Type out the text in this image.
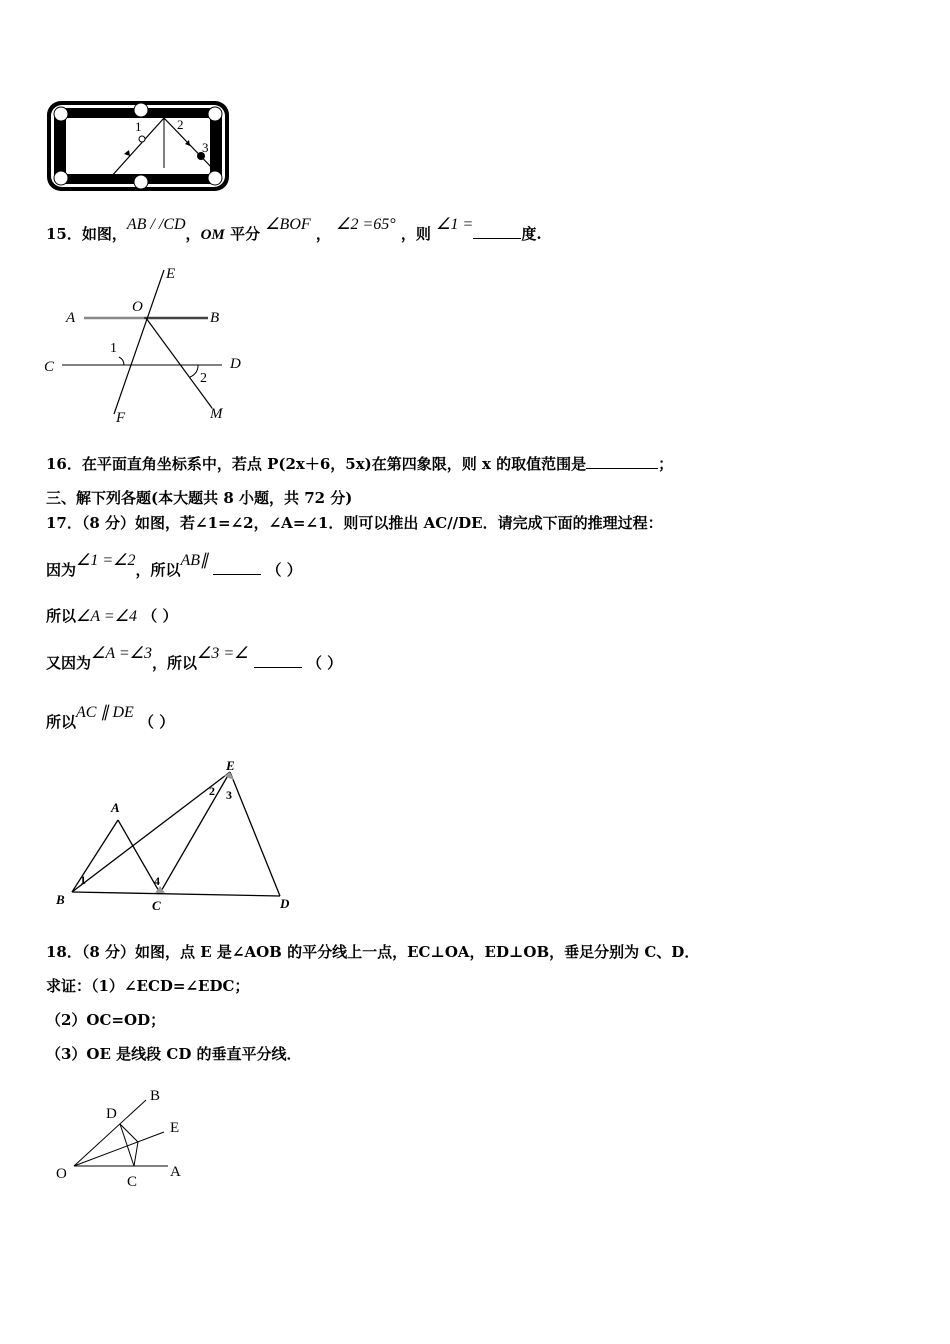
1	2
3
15．如图，AB / /CD，OM 平分 ∠BOF ， ∠2 =65° ，则 ∠1 =度.
E
O
A	B
C	D
F	M
1
2
16．在平面直角坐标系中，若点 P(2x＋6，5x)在第四象限，则 x 的取值范围是	；
三、解下列各题(本大题共 8 小题，共 72 分)
17．（8 分）如图，若∠1=∠2，∠A=∠1．则可以推出 AC//DE．请完成下面的推理过程：
因为∠1 =∠2，所以AB∥  （ ）
所以∠A =∠4 （ ）
又因为∠A =∠3，所以∠3 =∠  （ ）
所以AC ∥ DE （ ）
E
A
B	C	D
1
2 3
4
18．（8 分）如图，点 E 是∠AOB 的平分线上一点，EC⊥OA，ED⊥OB，垂足分别为 C、D．
求证：（1）∠ECD=∠EDC；
（2）OC=OD；
（3）OE 是线段 CD 的垂直平分线．
O	A
B
C
D
E
